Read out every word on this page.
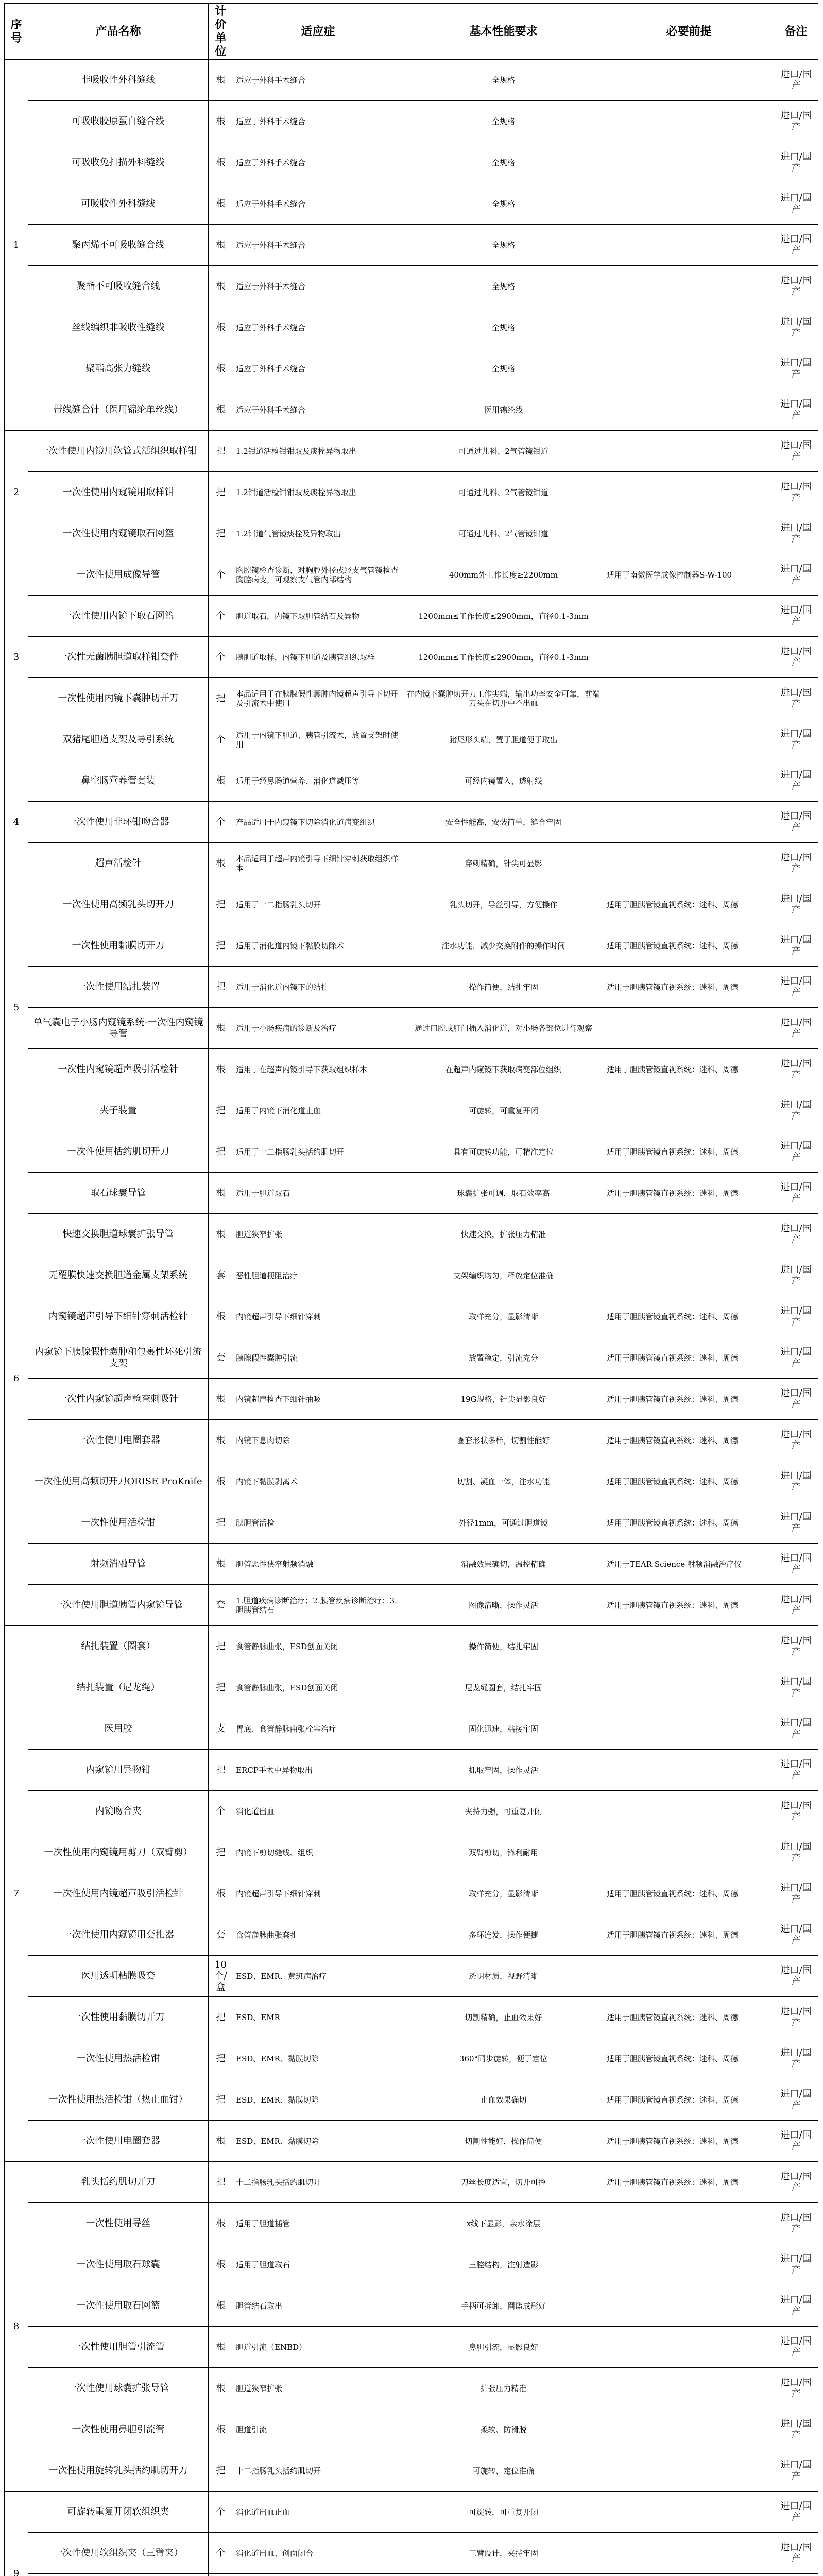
序号	产品名称	计价单位	适应症	基本性能要求	必要前提	备注
1	非吸收性外科缝线	根	适应于外科手术缝合	全规格		进口/国产
	可吸收胶原蛋白缝合线	根	适应于外科手术缝合	全规格		进口/国产
	可吸收兔扫描外科缝线	根	适应于外科手术缝合	全规格		进口/国产
	可吸收性外科缝线	根	适应于外科手术缝合	全规格		进口/国产
	聚丙烯不可吸收缝合线	根	适应于外科手术缝合	全规格		进口/国产
	聚酯不可吸收缝合线	根	适应于外科手术缝合	全规格		进口/国产
	丝线编织非吸收性缝线	根	适应于外科手术缝合	全规格		进口/国产
	聚酯高张力缝线	根	适应于外科手术缝合	全规格		进口/国产
	带线缝合针（医用锦纶单丝线）	根	适应于外科手术缝合	医用锦纶线		进口/国产
2	一次性使用内镜用软管式活组织取样钳	把	1.2钳道活检钳钳取及痰栓异物取出	可通过儿科、2气管镜钳道		进口/国产
	一次性使用内窥镜用取样钳	把	1.2钳道活检钳钳取及痰栓异物取出	可通过儿科、2气管镜钳道		进口/国产
	一次性使用内窥镜取石网篮	把	1.2钳道气管镜痰栓及异物取出	可通过儿科、2气管镜钳道		进口/国产
3	一次性使用成像导管	个	胸腔镜检查诊断，对胸腔外径或经支气管镜检查胸腔病变，可观察支气管内部结构	400mm外工作长度≥2200mm	适用于南微医学成像控制器S-W-100	进口/国产
	一次性使用内镜下取石网篮	个	胆道取石，内镜下取胆管结石及异物	1200mm≤工作长度≤2900mm，直径0.1-3mm		进口/国产
	一次性无菌胰胆道取样钳套件	个	胰胆道取样，内镜下胆道及胰管组织取样	1200mm≤工作长度≤2900mm，直径0.1-3mm		进口/国产
	一次性使用内镜下囊肿切开刀	把	本品适用于在胰腺假性囊肿内镜超声引导下切开及引流术中使用	在内镜下囊肿切开刀工作尖端，输出功率安全可靠，前端刀头在切开中不出血		进口/国产
	双猪尾胆道支架及导引系统	个	适用于内镜下胆道、胰管引流术，放置支架时使用	猪尾形头端，置于胆道便于取出		进口/国产
4	鼻空肠营养管套装	根	适用于经鼻肠道营养、消化道减压等	可经内镜置入，透射线		进口/国产
	一次性使用非环钳吻合器	个	产品适用于内窥镜下切除消化道病变组织	安全性能高，安装简单，缝合牢固		进口/国产
	超声活检针	根	本品适用于超声内镜引导下细针穿刺获取组织样本	穿刺精确，针尖可显影		进口/国产
5	一次性使用高频乳头切开刀	把	适用于十二指肠乳头切开	乳头切开，导丝引导，方便操作	适用于胆胰管镜直视系统：迷科、周德	进口/国产
	一次性使用黏膜切开刀	把	适用于消化道内镜下黏膜切除术	注水功能，减少交换附件的操作时间	适用于胆胰管镜直视系统：迷科、周德	进口/国产
	一次性使用结扎装置	把	适用于消化道内镜下的结扎	操作简便，结扎牢固	适用于胆胰管镜直视系统：迷科、周德	进口/国产
	单气囊电子小肠内窥镜系统-一次性内窥镜导管	根	适用于小肠疾病的诊断及治疗	通过口腔或肛门插入消化道，对小肠各部位进行观察		进口/国产
	一次性内窥镜超声吸引活检针	根	适用于在超声内镜引导下获取组织样本	在超声内窥镜下获取病变部位组织	适用于胆胰管镜直视系统：迷科、周德	进口/国产
	夹子装置	把	适用于内镜下消化道止血	可旋转，可重复开闭		进口/国产
6	一次性使用括约肌切开刀	把	适用于十二指肠乳头括约肌切开	具有可旋转功能，可精准定位	适用于胆胰管镜直视系统：迷科、周德	进口/国产
	取石球囊导管	根	适用于胆道取石	球囊扩张可调，取石效率高	适用于胆胰管镜直视系统：迷科、周德	进口/国产
	快速交换胆道球囊扩张导管	根	胆道狭窄扩张	快速交换，扩张压力精准		进口/国产
	无覆膜快速交换胆道金属支架系统	套	恶性胆道梗阻治疗	支架编织均匀，释放定位准确		进口/国产
	内窥镜超声引导下细针穿刺活检针	根	内镜超声引导下细针穿刺	取样充分，显影清晰	适用于胆胰管镜直视系统：迷科、周德	进口/国产
	内窥镜下胰腺假性囊肿和包裹性坏死引流支架	套	胰腺假性囊肿引流	放置稳定，引流充分	适用于胆胰管镜直视系统：迷科、周德	进口/国产
	一次性内窥镜超声检查刺吸针	根	内镜超声检查下细针抽吸	19G规格，针尖显影良好	适用于胆胰管镜直视系统：迷科、周德	进口/国产
	一次性使用电圈套器	根	内镜下息肉切除	圈套形状多样，切割性能好	适用于胆胰管镜直视系统：迷科、周德	进口/国产
	一次性使用高频切开刀ORISE ProKnife	根	内镜下黏膜剥离术	切割、凝血一体，注水功能	适用于胆胰管镜直视系统：迷科、周德	进口/国产
	一次性使用活检钳	把	胰胆管活检	外径1mm，可通过胆道镜	适用于胆胰管镜直视系统：迷科、周德	进口/国产
	射频消融导管	根	胆管恶性狭窄射频消融	消融效果确切，温控精确	适用于TEAR Science 射频消融治疗仪	进口/国产
	一次性使用胆道胰管内窥镜导管	套	1.胆道疾病诊断治疗；2.胰管疾病诊断治疗；3.胆胰管结石	图像清晰，操作灵活	适用于胆胰管镜直视系统：迷科、周德	进口/国产
7	结扎装置（圈套）	把	食管静脉曲张，ESD创面关闭	操作简便，结扎牢固		进口/国产
	结扎装置（尼龙绳）	把	食管静脉曲张，ESD创面关闭	尼龙绳圈套，结扎牢固		进口/国产
	医用胶	支	胃底、食管静脉曲张栓塞治疗	固化迅速，粘接牢固		进口/国产
	内窥镜用异物钳	把	ERCP手术中异物取出	抓取牢固，操作灵活		进口/国产
	内镜吻合夹	个	消化道出血	夹持力强，可重复开闭		进口/国产
	一次性使用内窥镜用剪刀（双臂剪）	把	内镜下剪切缝线、组织	双臂剪切，锋利耐用		进口/国产
	一次性使用内镜超声吸引活检针	根	内镜超声引导下细针穿刺	取样充分，显影清晰	适用于胆胰管镜直视系统：迷科、周德	进口/国产
	一次性使用内窥镜用套扎器	套	食管静脉曲张套扎	多环连发，操作便捷	适用于胆胰管镜直视系统：迷科、周德	进口/国产
	医用透明粘膜吸套	10个/盒	ESD、EMR、黄斑病治疗	透明材质，视野清晰		进口/国产
	一次性使用黏膜切开刀	把	ESD、EMR	切割精确，止血效果好	适用于胆胰管镜直视系统：迷科、周德	进口/国产
	一次性使用热活检钳	把	ESD、EMR、黏膜切除	360°同步旋转，便于定位	适用于胆胰管镜直视系统：迷科、周德	进口/国产
	一次性使用热活检钳（热止血钳）	把	ESD、EMR、黏膜切除	止血效果确切	适用于胆胰管镜直视系统：迷科、周德	进口/国产
	一次性使用电圈套器	根	ESD、EMR、黏膜切除	切割性能好，操作简便	适用于胆胰管镜直视系统：迷科、周德	进口/国产
8	乳头括约肌切开刀	把	十二指肠乳头括约肌切开	刀丝长度适宜，切开可控	适用于胆胰管镜直视系统：迷科、周德	进口/国产
	一次性使用导丝	根	适用于胆道插管	x线下显影，亲水涂层		进口/国产
	一次性使用取石球囊	根	适用于胆道取石	三腔结构，注射造影		进口/国产
	一次性使用取石网篮	根	胆管结石取出	手柄可拆卸，网篮成形好		进口/国产
	一次性使用胆管引流管	根	胆道引流（ENBD）	鼻胆引流，显影良好		进口/国产
	一次性使用球囊扩张导管	根	胆道狭窄扩张	扩张压力精准		进口/国产
	一次性使用鼻胆引流管	根	胆道引流	柔软、防滑脱		进口/国产
	一次性使用旋转乳头括约肌切开刀	把	十二指肠乳头括约肌切开	可旋转，定位准确		进口/国产
9	可旋转重复开闭软组织夹	个	消化道出血止血	可旋转，可重复开闭		进口/国产
	一次性使用软组织夹（三臂夹）	个	消化道出血、创面闭合	三臂设计，夹持牢固		进口/国产
